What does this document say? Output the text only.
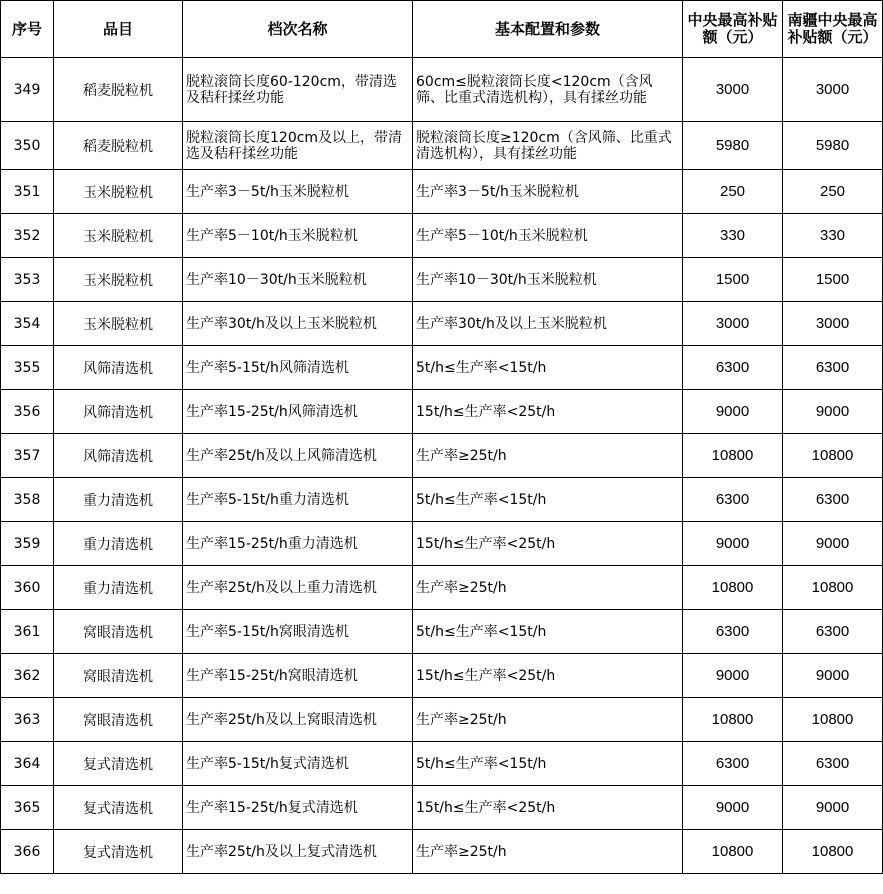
序号	品目	档次名称	基本配置和参数	中央最高补贴额（元）	南疆中央最高补贴额（元）
349	稻麦脱粒机	脱粒滚筒长度60-120cm，带清选及秸秆揉丝功能	60cm≤脱粒滚筒长度<120cm（含风筛、比重式清选机构），具有揉丝功能	3000	3000
350	稻麦脱粒机	脱粒滚筒长度120cm及以上，带清选及秸秆揉丝功能	脱粒滚筒长度≥120cm（含风筛、比重式清选机构），具有揉丝功能	5980	5980
351	玉米脱粒机	生产率3－5t/h玉米脱粒机	生产率3－5t/h玉米脱粒机	250	250
352	玉米脱粒机	生产率5－10t/h玉米脱粒机	生产率5－10t/h玉米脱粒机	330	330
353	玉米脱粒机	生产率10－30t/h玉米脱粒机	生产率10－30t/h玉米脱粒机	1500	1500
354	玉米脱粒机	生产率30t/h及以上玉米脱粒机	生产率30t/h及以上玉米脱粒机	3000	3000
355	风筛清选机	生产率5-15t/h风筛清选机	5t/h≤生产率<15t/h	6300	6300
356	风筛清选机	生产率15-25t/h风筛清选机	15t/h≤生产率<25t/h	9000	9000
357	风筛清选机	生产率25t/h及以上风筛清选机	生产率≥25t/h	10800	10800
358	重力清选机	生产率5-15t/h重力清选机	5t/h≤生产率<15t/h	6300	6300
359	重力清选机	生产率15-25t/h重力清选机	15t/h≤生产率<25t/h	9000	9000
360	重力清选机	生产率25t/h及以上重力清选机	生产率≥25t/h	10800	10800
361	窝眼清选机	生产率5-15t/h窝眼清选机	5t/h≤生产率<15t/h	6300	6300
362	窝眼清选机	生产率15-25t/h窝眼清选机	15t/h≤生产率<25t/h	9000	9000
363	窝眼清选机	生产率25t/h及以上窝眼清选机	生产率≥25t/h	10800	10800
364	复式清选机	生产率5-15t/h复式清选机	5t/h≤生产率<15t/h	6300	6300
365	复式清选机	生产率15-25t/h复式清选机	15t/h≤生产率<25t/h	9000	9000
366	复式清选机	生产率25t/h及以上复式清选机	生产率≥25t/h	10800	10800
